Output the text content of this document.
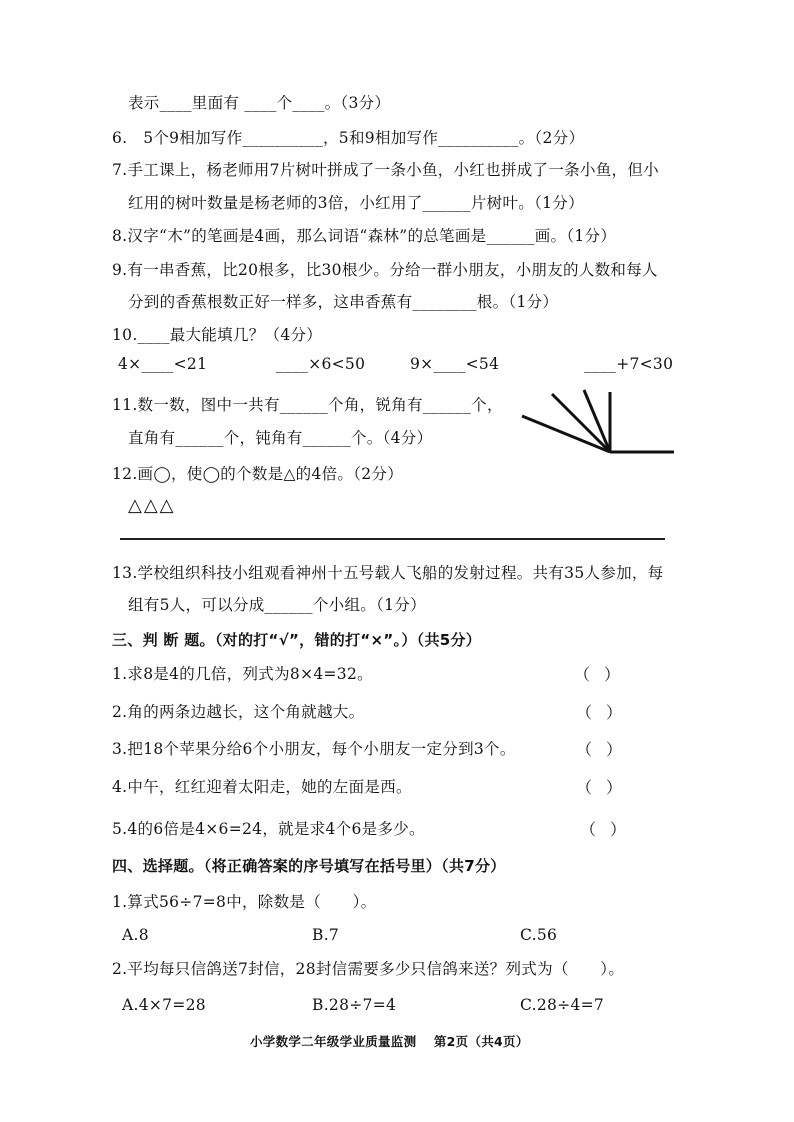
表示____里面有 ____个____。（3分）
6.　5个9相加写作__________，5和9相加写作__________。（2分）
7.手工课上，杨老师用7片树叶拼成了一条小鱼，小红也拼成了一条小鱼，但小
红用的树叶数量是杨老师的3倍，小红用了______片树叶。（1分）
8.汉字“木”的笔画是4画，那么词语“森林”的总笔画是______画。（1分）
9.有一串香蕉，比20根多，比30根少。分给一群小朋友，小朋友的人数和每人
分到的香蕉根数正好一样多，这串香蕉有________根。（1分）
10.____最大能填几？（4分）
4×____<21	____×6<50	9×____<54	____+7<30
11.数一数，图中一共有______个角，锐角有______个，
直角有______个，钝角有______个。（4分）
12.画◯，使◯的个数是△的4倍。（2分）
△△△
13.学校组织科技小组观看神州十五号载人飞船的发射过程。共有35人参加，每
组有5人，可以分成______个小组。（1分）
三、判 断 题。（对的打“√”，错的打“×”。）（共5分）
1.求8是4的几倍，列式为8×4=32。	（）
2.角的两条边越长，这个角就越大。	（）
3.把18个苹果分给6个小朋友，每个小朋友一定分到3个。	（）
4.中午，红红迎着太阳走，她的左面是西。	（）
5.4的6倍是4×6=24，就是求4个6是多少。	（）
四、选择题。（将正确答案的序号填写在括号里）（共7分）
1.算式56÷7=8中，除数是（　　）。
A.8	B.7	C.56
2.平均每只信鸽送7封信，28封信需要多少只信鸽来送？列式为（　　）。
A.4×7=28	B.28÷7=4	C.28÷4=7
小学数学二年级学业质量监测　 第2页（共4页）
